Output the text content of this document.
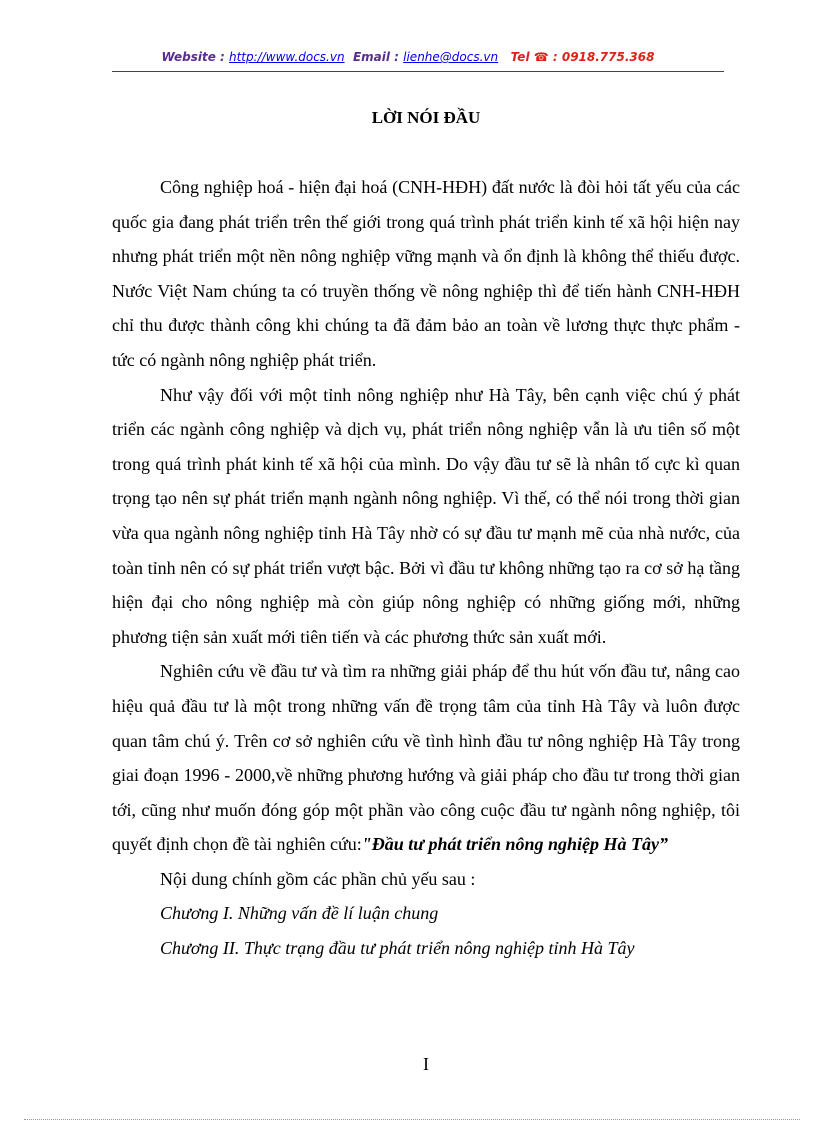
Website : http://www.docs.vn Email : lienhe@docs.vn Tel ☎ : 0918.775.368
LỜI NÓI ĐẦU

Công nghiệp hoá - hiện đại hoá (CNH-HĐH) đất nước là đòi hỏi tất yếu của các quốc gia đang phát triển trên thế giới trong quá trình phát triển kinh tế xã hội hiện nay nhưng phát triển một nền nông nghiệp vững mạnh và ổn định là không thể thiếu được. Nước Việt Nam chúng ta có truyền thống về nông nghiệp thì để tiến hành CNH-HĐH chỉ thu được thành công khi chúng ta đã đảm bảo an toàn về lương thực thực phẩm - tức có ngành nông nghiệp phát triển.

Như vậy đối với một tỉnh nông nghiệp như Hà Tây, bên cạnh việc chú ý phát triển các ngành công nghiệp và dịch vụ, phát triển nông nghiệp vẫn là ưu tiên số một trong quá trình phát kinh tế xã hội của mình. Do vậy đầu tư sẽ là nhân tố cực kì quan trọng tạo nên sự phát triển mạnh ngành nông nghiệp. Vì thế, có thể nói trong thời gian vừa qua ngành nông nghiệp tỉnh Hà Tây nhờ có sự đầu tư mạnh mẽ của nhà nước, của toàn tỉnh nên có sự phát triển vượt bậc. Bởi vì đầu tư không những tạo ra cơ sở hạ tầng hiện đại cho nông nghiệp mà còn giúp nông nghiệp có những giống mới, những phương tiện sản xuất mới tiên tiến và các phương thức sản xuất mới.

Nghiên cứu về đầu tư và tìm ra những giải pháp để thu hút vốn đầu tư, nâng cao hiệu quả đầu tư là một trong những vấn đề trọng tâm của tỉnh Hà Tây và luôn được quan tâm chú ý. Trên cơ sở nghiên cứu về tình hình đầu tư nông nghiệp Hà Tây trong giai đoạn 1996 - 2000,về những phương hướng và giải pháp cho đầu tư trong thời gian tới, cũng như muốn đóng góp một phần vào công cuộc đầu tư ngành nông nghiệp, tôi quyết định chọn đề tài nghiên cứu:"Đầu tư phát triển nông nghiệp Hà Tây”

Nội dung chính gồm các phần chủ yếu sau :

Chương I. Những vấn đề lí luận chung

Chương II. Thực trạng đầu tư phát triển nông nghiệp tỉnh Hà Tây

I
